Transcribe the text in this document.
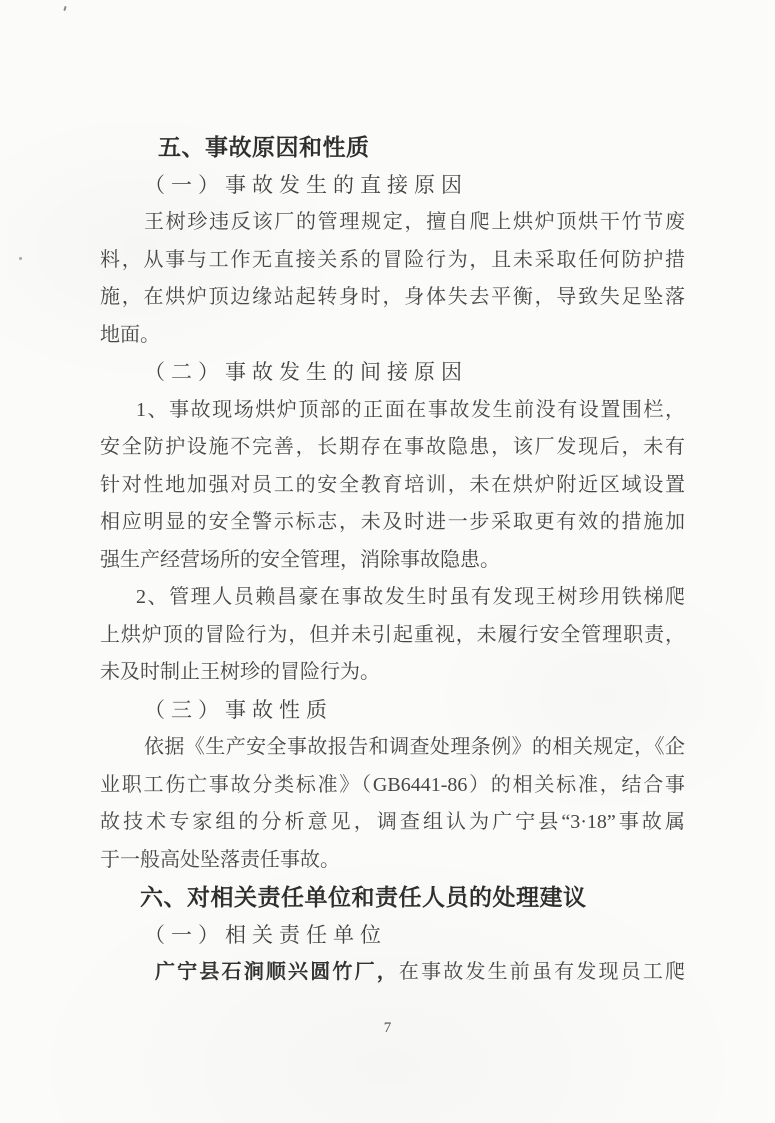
五、事故原因和性质
（一）事故发生的直接原因
王树珍违反该厂的管理规定，擅自爬上烘炉顶烘干竹节废
料，从事与工作无直接关系的冒险行为，且未采取任何防护措
施，在烘炉顶边缘站起转身时，身体失去平衡，导致失足坠落
地面。
（二）事故发生的间接原因
1、事故现场烘炉顶部的正面在事故发生前没有设置围栏，
安全防护设施不完善，长期存在事故隐患，该厂发现后，未有
针对性地加强对员工的安全教育培训，未在烘炉附近区域设置
相应明显的安全警示标志，未及时进一步采取更有效的措施加
强生产经营场所的安全管理，消除事故隐患。
2、管理人员赖昌豪在事故发生时虽有发现王树珍用铁梯爬
上烘炉顶的冒险行为，但并未引起重视，未履行安全管理职责，
未及时制止王树珍的冒险行为。
（三）事故性质
依据《生产安全事故报告和调查处理条例》的相关规定，《企
业职工伤亡事故分类标准》（GB6441-86）的相关标准，结合事
故技术专家组的分析意见，调查组认为广宁县“3·18”事故属
于一般高处坠落责任事故。
六、对相关责任单位和责任人员的处理建议
（一）相关责任单位
广宁县石涧顺兴圆竹厂，在事故发生前虽有发现员工爬
7
